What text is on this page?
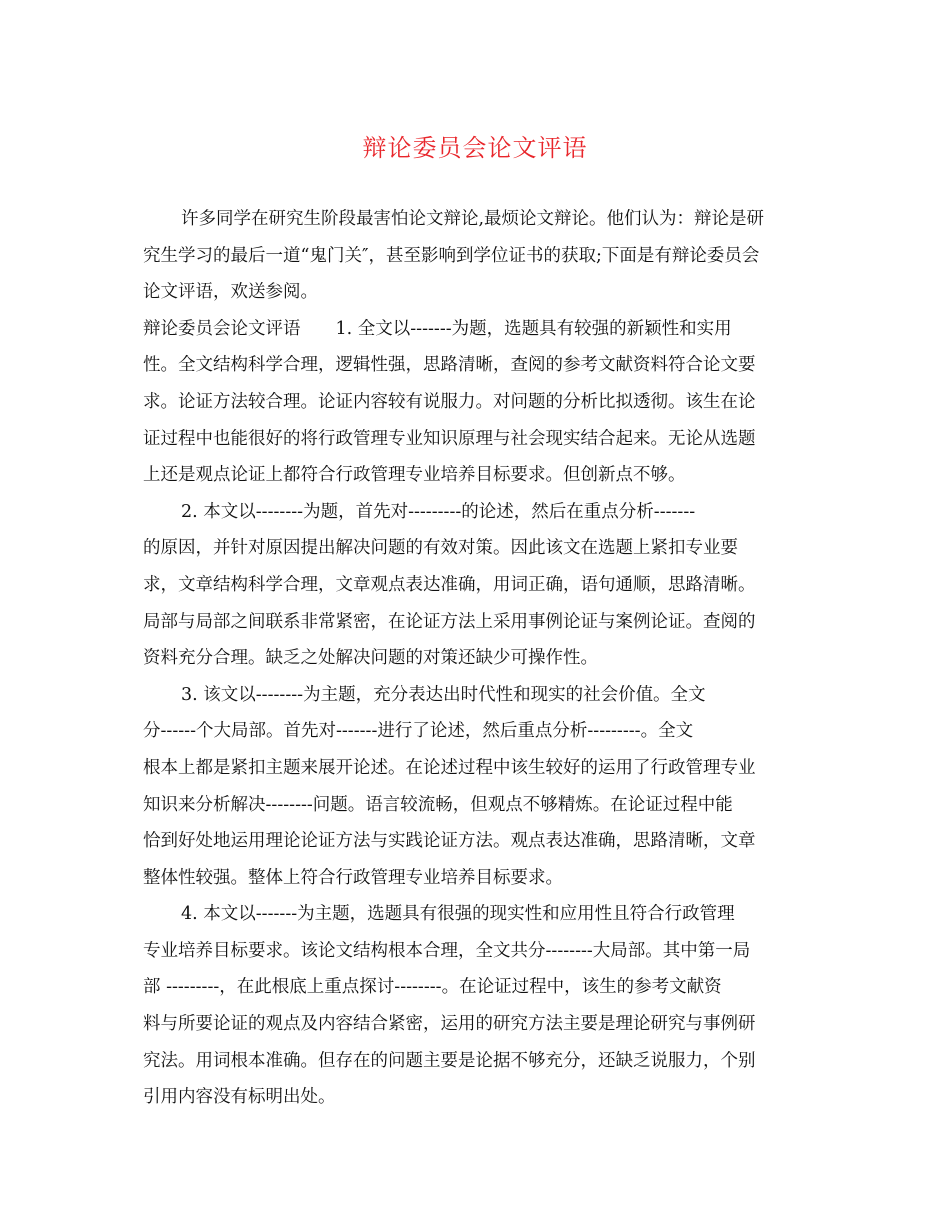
辩论委员会论文评语
许多同学在研究生阶段最害怕论文辩论,最烦论文辩论。他们认为：辩论是研
究生学习的最后一道“鬼门关″，甚至影响到学位证书的获取;下面是有辩论委员会
论文评语，欢送参阅。
辩论委员会论文评语　　1. 全文以-------为题，选题具有较强的新颖性和实用
性。全文结构科学合理，逻辑性强，思路清晰，查阅的参考文献资料符合论文要
求。论证方法较合理。论证内容较有说服力。对问题的分析比拟透彻。该生在论
证过程中也能很好的将行政管理专业知识原理与社会现实结合起来。无论从选题
上还是观点论证上都符合行政管理专业培养目标要求。但创新点不够。
2. 本文以--------为题，首先对---------的论述，然后在重点分析-------
的原因，并针对原因提出解决问题的有效对策。因此该文在选题上紧扣专业要
求，文章结构科学合理，文章观点表达准确，用词正确，语句通顺，思路清晰。
局部与局部之间联系非常紧密，在论证方法上采用事例论证与案例论证。查阅的
资料充分合理。缺乏之处解决问题的对策还缺少可操作性。
3. 该文以--------为主题，充分表达出时代性和现实的社会价值。全文
分------个大局部。首先对-------进行了论述，然后重点分析---------。全文
根本上都是紧扣主题来展开论述。在论述过程中该生较好的运用了行政管理专业
知识来分析解决--------问题。语言较流畅，但观点不够精炼。在论证过程中能
恰到好处地运用理论论证方法与实践论证方法。观点表达准确，思路清晰，文章
整体性较强。整体上符合行政管理专业培养目标要求。
4. 本文以-------为主题，选题具有很强的现实性和应用性且符合行政管理
专业培养目标要求。该论文结构根本合理，全文共分--------大局部。其中第一局
部 ---------，在此根底上重点探讨--------。在论证过程中，该生的参考文献资
料与所要论证的观点及内容结合紧密，运用的研究方法主要是理论研究与事例研
究法。用词根本准确。但存在的问题主要是论据不够充分，还缺乏说服力，个别
引用内容没有标明出处。
